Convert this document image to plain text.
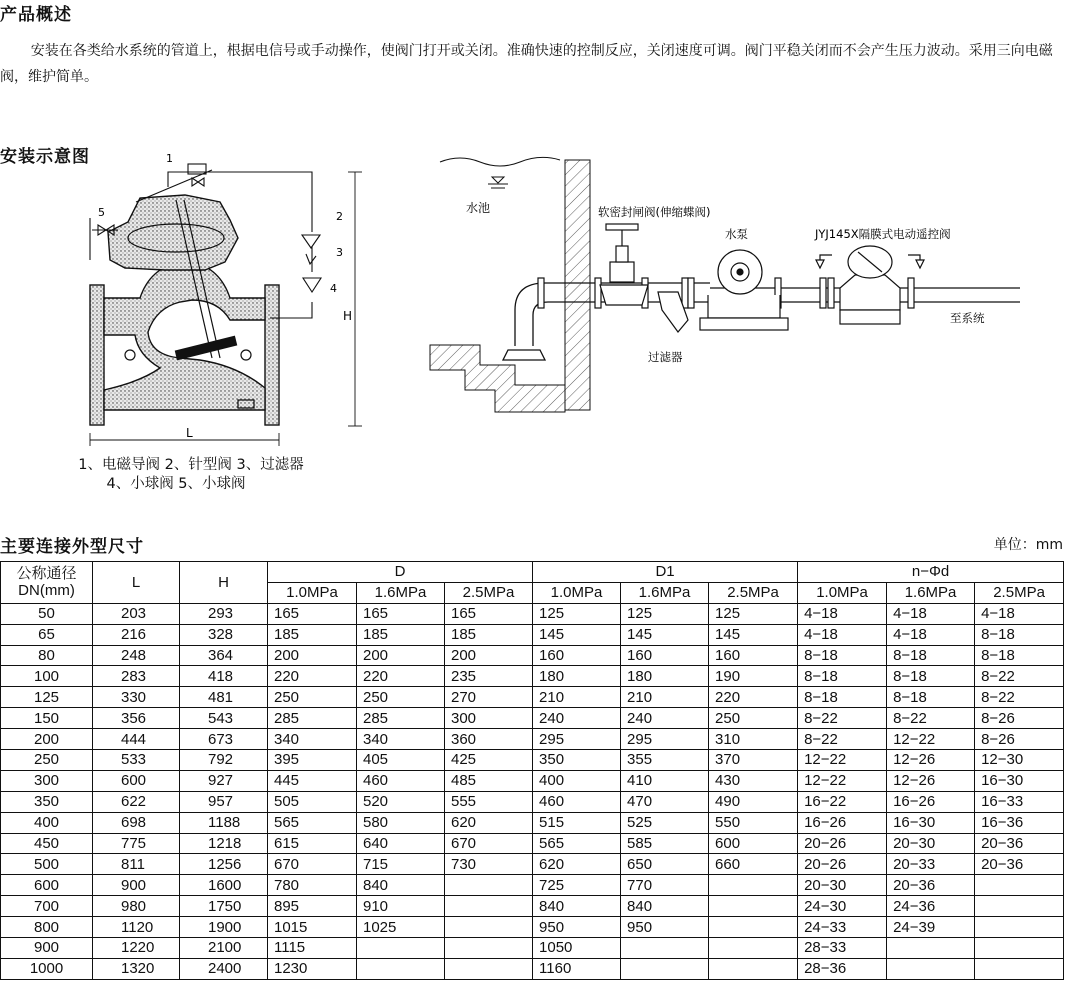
产品概述
安装在各类给水系统的管道上，根据电信号或手动操作，使阀门打开或关闭。准确快速的控制反应，关闭速度可调。阀门平稳关闭而不会产生压力波动。采用三向电磁阀，维护简单。
安装示意图	1
2
3
4
5
H
L
1、电磁导阀 2、针型阀 3、过滤器
4、小球阀 5、小球阀
水池	软密封闸阀(伸缩蝶阀)
水泵	JYJ145X隔膜式电动遥控阀
至系统
过滤器
主要连接外型尺寸	单位：mm
公称通径
DN(mm)	L	H	D			D1			n−Φd		
			1.0MPa	1.6MPa	2.5MPa	1.0MPa	1.6MPa	2.5MPa	1.0MPa	1.6MPa	2.5MPa
50	203	293	165	165	165	125	125	125	4−18	4−18	4−18
65	216	328	185	185	185	145	145	145	4−18	4−18	8−18
80	248	364	200	200	200	160	160	160	8−18	8−18	8−18
100	283	418	220	220	235	180	180	190	8−18	8−18	8−22
125	330	481	250	250	270	210	210	220	8−18	8−18	8−22
150	356	543	285	285	300	240	240	250	8−22	8−22	8−26
200	444	673	340	340	360	295	295	310	8−22	12−22	8−26
250	533	792	395	405	425	350	355	370	12−22	12−26	12−30
300	600	927	445	460	485	400	410	430	12−22	12−26	16−30
350	622	957	505	520	555	460	470	490	16−22	16−26	16−33
400	698	1188	565	580	620	515	525	550	16−26	16−30	16−36
450	775	1218	615	640	670	565	585	600	20−26	20−30	20−36
500	811	1256	670	715	730	620	650	660	20−26	20−33	20−36
600	900	1600	780	840		725	770		20−30	20−36	
700	980	1750	895	910		840	840		24−30	24−36	
800	1120	1900	1015	1025		950	950		24−33	24−39	
900	1220	2100	1115			1050			28−33		
1000	1320	2400	1230			1160			28−36		
